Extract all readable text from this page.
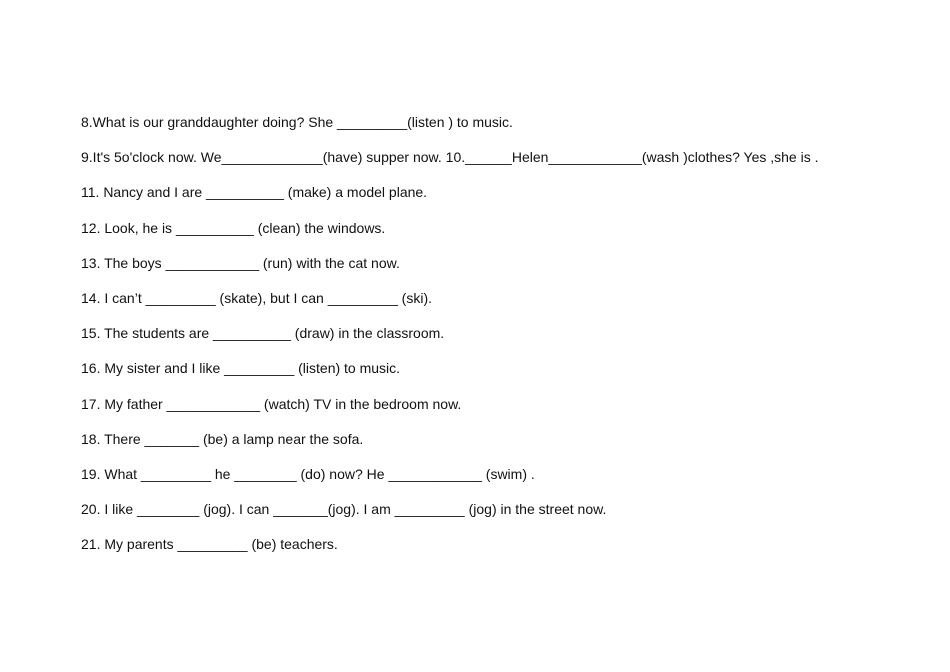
8.What is our granddaughter doing? She _________(listen ) to music.
9.It's 5o'clock now. We_____________(have) supper now. 10.______Helen____________(wash )clothes? Yes ,she is .
11. Nancy and I are __________ (make) a model plane.
12. Look, he is __________ (clean) the windows.
13. The boys ____________ (run) with the cat now.
14. I can’t _________ (skate), but I can _________ (ski).
15. The students are __________ (draw) in the classroom.
16. My sister and I like _________ (listen) to music.
17. My father ____________ (watch) TV in the bedroom now.
18. There _______ (be) a lamp near the sofa.
19. What _________ he ________ (do) now? He ____________ (swim) .
20. I like ________ (jog). I can _______(jog). I am _________ (jog) in the street now.
21. My parents _________ (be) teachers.
